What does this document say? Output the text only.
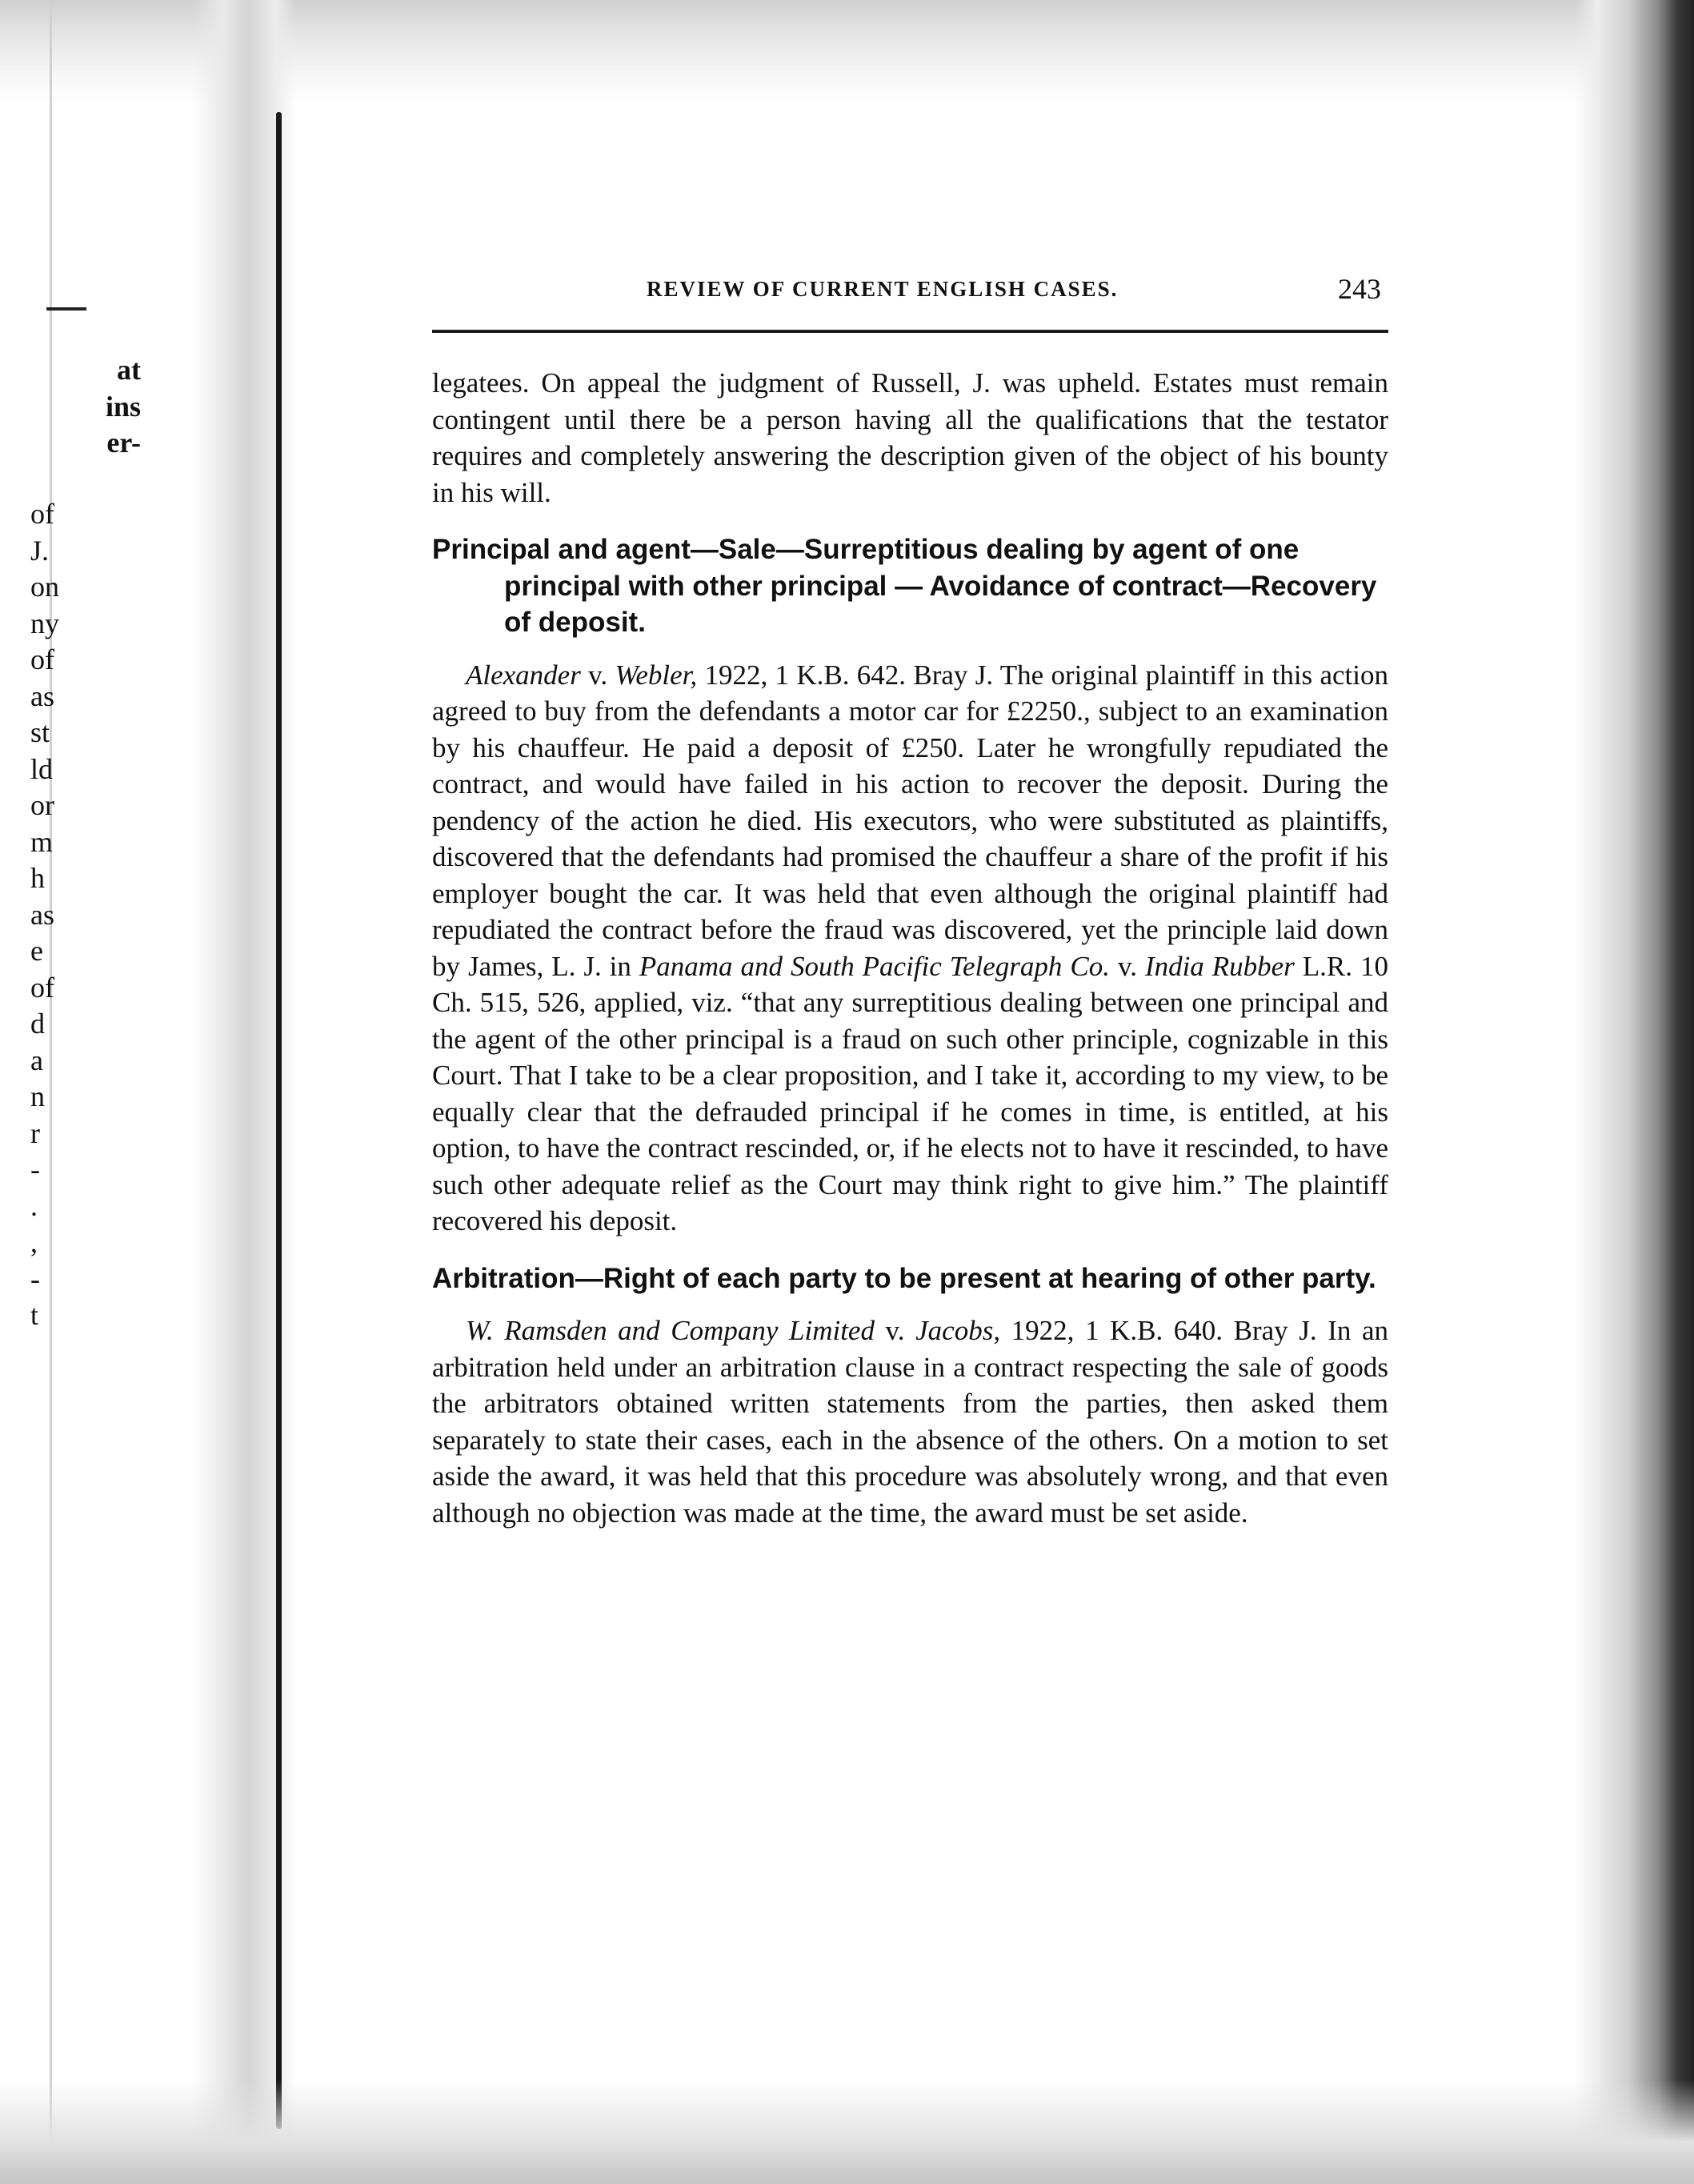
at
ins
er-
of
J.
on
ny
of
as
st
ld
or
m
h
as
e
of
d
a
n
r
-
.
,
-
t
REVIEW OF CURRENT ENGLISH CASES.	243

legatees. On appeal the judgment of Russell, J. was upheld. Estates must remain contingent until there be a person having all the qualifications that the testator requires and completely answering the description given of the object of his bounty in his will.

Principal and agent—Sale—Surreptitious dealing by agent of one principal with other principal — Avoidance of contract—Recovery of deposit.

Alexander v. Webler, 1922, 1 K.B. 642. Bray J. The original plaintiff in this action agreed to buy from the defendants a motor car for £2250., subject to an examination by his chauffeur. He paid a deposit of £250. Later he wrongfully repudiated the contract, and would have failed in his action to recover the deposit. During the pendency of the action he died. His executors, who were substituted as plaintiffs, discovered that the defendants had promised the chauffeur a share of the profit if his employer bought the car. It was held that even although the original plaintiff had repudiated the contract before the fraud was discovered, yet the principle laid down by James, L. J. in Panama and South Pacific Telegraph Co. v. India Rubber L.R. 10 Ch. 515, 526, applied, viz. “that any surreptitious dealing between one principal and the agent of the other principal is a fraud on such other principle, cognizable in this Court. That I take to be a clear proposition, and I take it, according to my view, to be equally clear that the defrauded principal if he comes in time, is entitled, at his option, to have the contract rescinded, or, if he elects not to have it rescinded, to have such other adequate relief as the Court may think right to give him.” The plaintiff recovered his deposit.

Arbitration—Right of each party to be present at hearing of other party.

W. Ramsden and Company Limited v. Jacobs, 1922, 1 K.B. 640. Bray J. In an arbitration held under an arbitration clause in a contract respecting the sale of goods the arbitrators obtained written statements from the parties, then asked them separately to state their cases, each in the absence of the others. On a motion to set aside the award, it was held that this procedure was absolutely wrong, and that even although no objection was made at the time, the award must be set aside.
